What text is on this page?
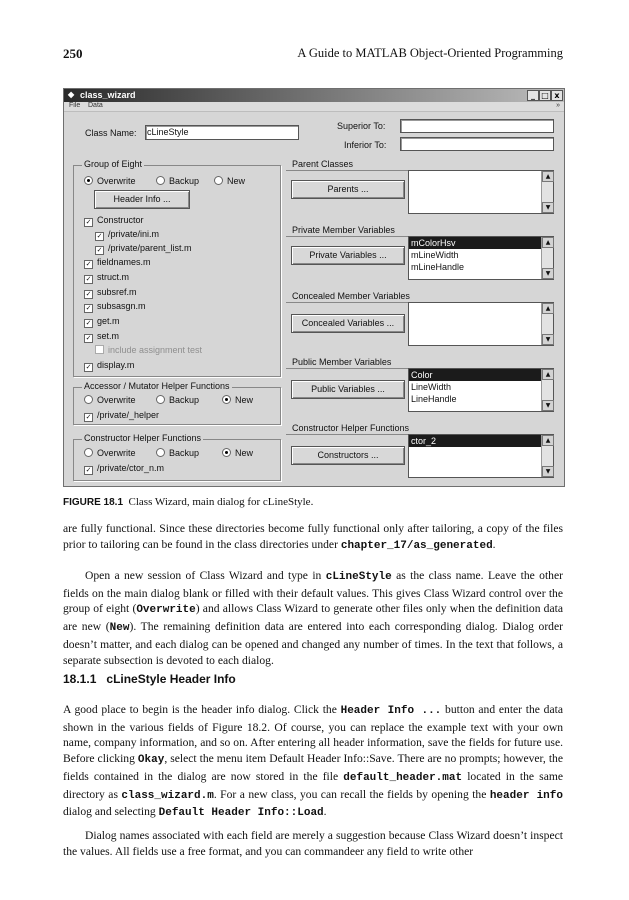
250	A Guide to MATLAB Object-Oriented Programming
◆ class_wizard	_ □ x
File Data	»
Class Name: cLineStyle
Superior To:
Inferior To:
Group of Eight
Overwrite	Backup	New
Header Info ...
✓ Constructor
✓ /private/ini.m
✓ /private/parent_list.m
✓ fieldnames.m
✓ struct.m
✓ subsref.m
✓ subsasgn.m
✓ get.m
✓ set.m
include assignment test
✓ display.m
Accessor / Mutator Helper Functions
Overwrite	Backup	New
✓ /private/_helper
Constructor Helper Functions
Overwrite	Backup	New
✓ /private/ctor_n.m
Parent Classes
Parents ...
▲
▼
Private Member Variables
Private Variables ...
mColorHsv
mLineWidth
mLineHandle
▲
▼
Concealed Member Variables
Concealed Variables ...
▲
▼
Public Member Variables
Public Variables ...
Color
LineWidth
LineHandle
▲
▼
Constructor Helper Functions
Constructors ...
ctor_2	▲
▼
FIGURE 18.1 Class Wizard, main dialog for cLineStyle.
are fully functional. Since these directories become fully functional only after tailoring, a copy of the files prior to tailoring can be found in the class directories under chapter_17/as_generated.
Open a new session of Class Wizard and type in cLineStyle as the class name. Leave the other fields on the main dialog blank or filled with their default values. This gives Class Wizard control over the group of eight (Overwrite) and allows Class Wizard to generate other files only when the definition data are new (New). The remaining definition data are entered into each corresponding dialog. Dialog order doesn’t matter, and each dialog can be opened and changed any number of times. In the text that follows, a separate subsection is devoted to each dialog.
18.1.1 cLineStyle Header Info
A good place to begin is the header info dialog. Click the Header Info ... button and enter the data shown in the various fields of Figure 18.2. Of course, you can replace the example text with your own name, company information, and so on. After entering all header information, save the fields for future use. Before clicking Okay, select the menu item Default Header Info::Save. There are no prompts; however, the fields contained in the dialog are now stored in the file default_header.mat located in the same directory as class_wizard.m. For a new class, you can recall the fields by opening the header info dialog and selecting Default Header Info::Load.
Dialog names associated with each field are merely a suggestion because Class Wizard doesn’t inspect the values. All fields use a free format, and you can commandeer any field to write other
